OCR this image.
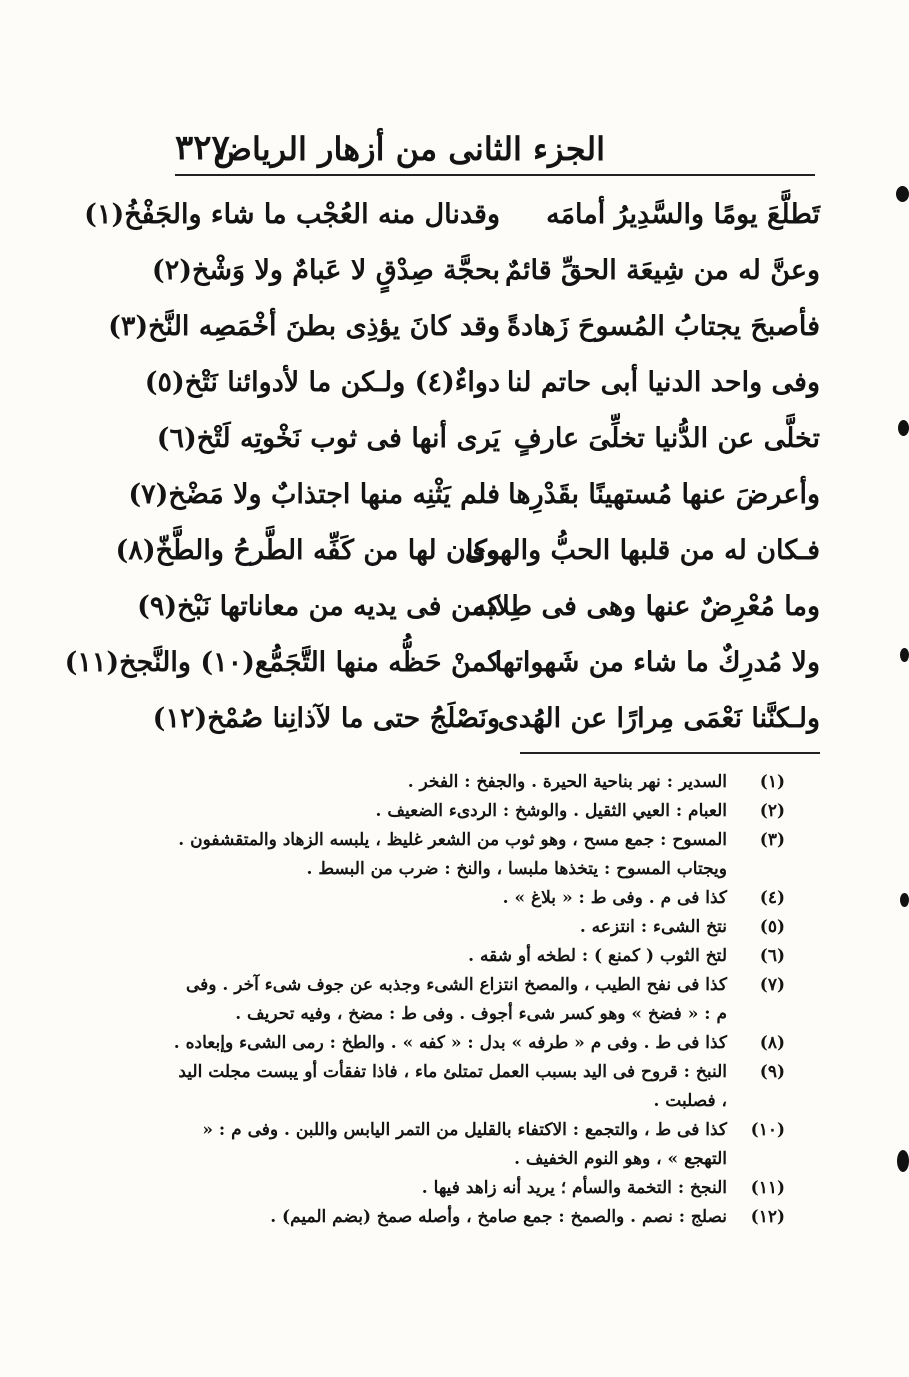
الجزء الثانى من أزهار الرياض
٣٢٧
تَطلَّعَ يومًا والسَّدِيرُ أمامَه
وقدنال منه العُجْب ما شاء والجَفْخُ(١)
وعنَّ له من شِيعَة الحقِّ قائمٌ
بحجَّة صِدْقٍ لا عَبامٌ ولا وَشْخ(٢)
فأصبحَ يجتابُ المُسوحَ زَهادةً
وقد كانَ يؤذِى بطنَ أخْمَصِه النَّخ(٣)
وفى واحد الدنيا أبى حاتم لنا
دواءٌ(٤) ولـكن ما لأدوائنا نَتْخ(٥)
تخلَّى عن الدُّنيا تخلِّىَ عارفٍ
يَرى أنها فى ثوب نَخْوتِه لَتْخ(٦)
وأعرضَ عنها مُستهينًا بقَدْرِها
فلم يَثْنِه منها اجتذابٌ ولا مَضْخ(٧)
فـكان له من قلبها الحبُّ والهوى
وكان لها من كَفِّه الطَّرحُ والطَّخّ(٨)
وما مُعْرِضٌ عنها وهى فى طِلابه
كمن فى يديه من معاناتها نَبْخ(٩)
ولا مُدرِكٌ ما شاء من شَهواتها
كمنْ حَظُّه منها التَّجَمُّع(١٠) والنَّجخ(١١)
ولـكنَّنا نَعْمَى مِرارًا عن الهُدى
ونَصْلَجُ حتى ما لآذانِنا صُمْخ(١٢)
(١)
السدير : نهر بناحية الحيرة . والجفخ : الفخر .
(٢)
العبام : العيي الثقيل . والوشخ : الردىء الضعيف .
(٣)
المسوح : جمع مسح ، وهو ثوب من الشعر غليظ ، يلبسه الزهاد والمتقشفون . ويجتاب المسوح : يتخذها ملبسا ، والنخ : ضرب من البسط .
(٤)
كذا فى م . وفى ط : « بلاغ » .
(٥)
نتخ الشىء : انتزعه .
(٦)
لتخ الثوب ( كمنع ) : لطخه أو شقه .
(٧)
كذا فى نفح الطيب ، والمصخ انتزاع الشىء وجذبه عن جوف شىء آخر . وفى م : « فضخ » وهو كسر شىء أجوف . وفى ط : مضخ ، وفيه تحريف .
(٨)
كذا فى ط . وفى م « طرفه » بدل : « كفه » . والطخ : رمى الشىء وإبعاده .
(٩)
النبخ : قروح فى اليد بسبب العمل تمتلئ ماء ، فاذا تفقأت أو يبست مجلت اليد ، فصلبت .
(١٠)
كذا فى ط ، والتجمع : الاكتفاء بالقليل من التمر اليابس واللبن . وفى م : « التهجع » ، وهو النوم الخفيف .
(١١)
النجخ : التخمة والسأم ؛ يريد أنه زاهد فيها .
(١٢)
نصلج : نصم . والصمخ : جمع صامخ ، وأصله صمخ (بضم الميم) .
